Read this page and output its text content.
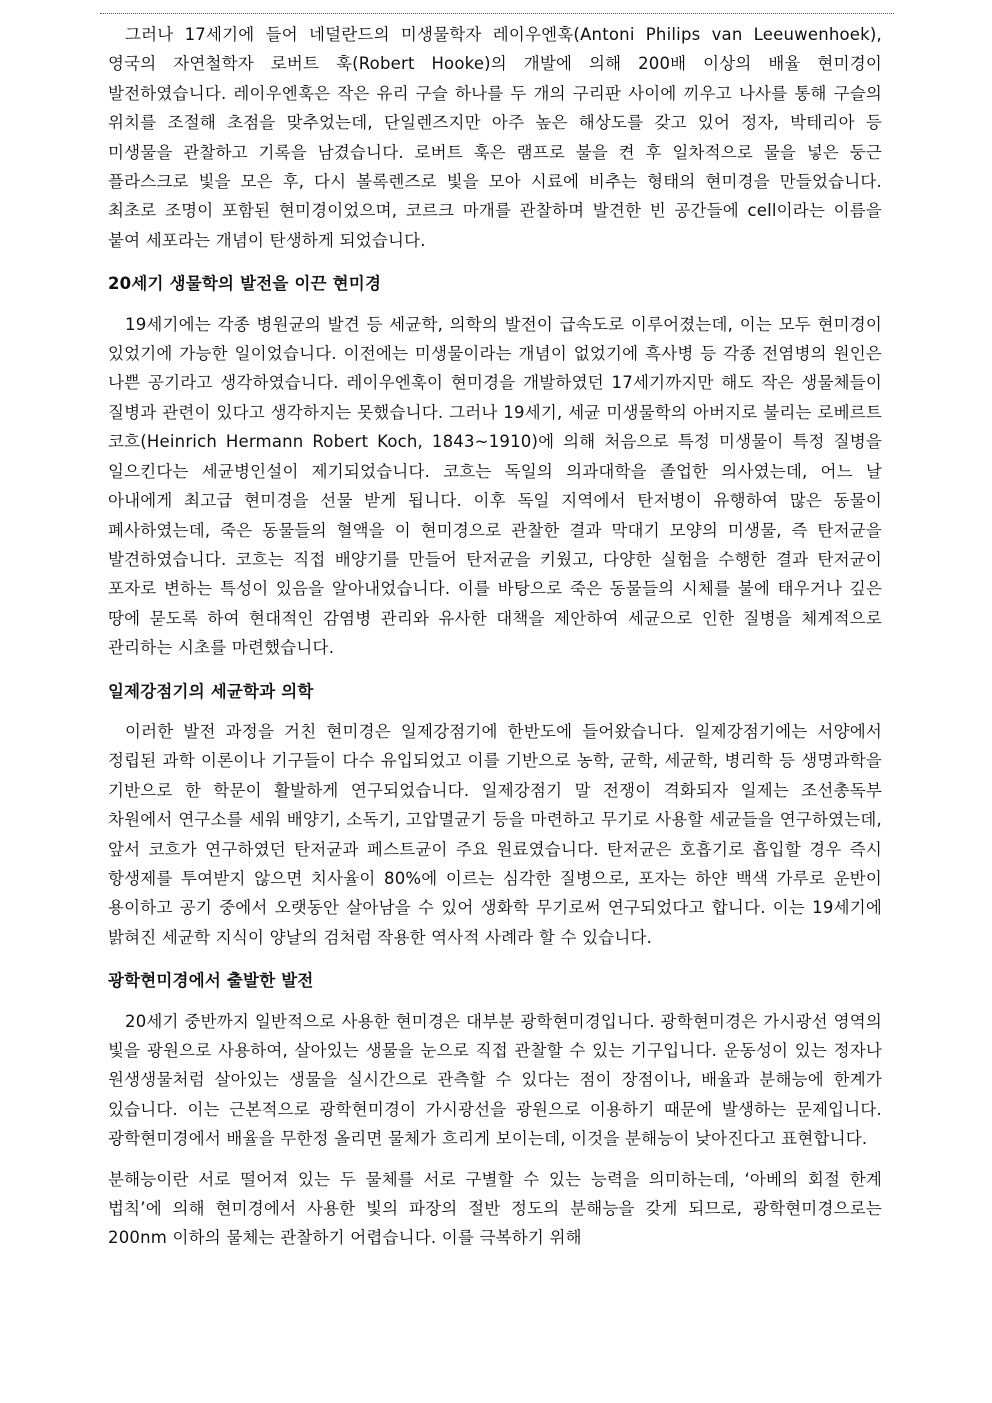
그러나 17세기에 들어 네덜란드의 미생물학자 레이우엔훅(Antoni Philips van Leeuwenhoek), 영국의 자연철학자 로버트 훅(Robert Hooke)의 개발에 의해 200배 이상의 배율 현미경이 발전하였습니다. 레이우엔훅은 작은 유리 구슬 하나를 두 개의 구리판 사이에 끼우고 나사를 통해 구슬의 위치를 조절해 초점을 맞추었는데, 단일렌즈지만 아주 높은 해상도를 갖고 있어 정자, 박테리아 등 미생물을 관찰하고 기록을 남겼습니다. 로버트 훅은 램프로 불을 켠 후 일차적으로 물을 넣은 둥근 플라스크로 빛을 모은 후, 다시 볼록렌즈로 빛을 모아 시료에 비추는 형태의 현미경을 만들었습니다. 최초로 조명이 포함된 현미경이었으며, 코르크 마개를 관찰하며 발견한 빈 공간들에 cell이라는 이름을 붙여 세포라는 개념이 탄생하게 되었습니다.

20세기 생물학의 발전을 이끈 현미경

19세기에는 각종 병원균의 발견 등 세균학, 의학의 발전이 급속도로 이루어졌는데, 이는 모두 현미경이 있었기에 가능한 일이었습니다. 이전에는 미생물이라는 개념이 없었기에 흑사병 등 각종 전염병의 원인은 나쁜 공기라고 생각하였습니다. 레이우엔훅이 현미경을 개발하였던 17세기까지만 해도 작은 생물체들이 질병과 관련이 있다고 생각하지는 못했습니다. 그러나 19세기, 세균 미생물학의 아버지로 불리는 로베르트 코흐(Heinrich Hermann Robert Koch, 1843~1910)에 의해 처음으로 특정 미생물이 특정 질병을 일으킨다는 세균병인설이 제기되었습니다. 코흐는 독일의 의과대학을 졸업한 의사였는데, 어느 날 아내에게 최고급 현미경을 선물 받게 됩니다. 이후 독일 지역에서 탄저병이 유행하여 많은 동물이 폐사하였는데, 죽은 동물들의 혈액을 이 현미경으로 관찰한 결과 막대기 모양의 미생물, 즉 탄저균을 발견하였습니다. 코흐는 직접 배양기를 만들어 탄저균을 키웠고, 다양한 실험을 수행한 결과 탄저균이 포자로 변하는 특성이 있음을 알아내었습니다. 이를 바탕으로 죽은 동물들의 시체를 불에 태우거나 깊은 땅에 묻도록 하여 현대적인 감염병 관리와 유사한 대책을 제안하여 세균으로 인한 질병을 체계적으로 관리하는 시초를 마련했습니다.

일제강점기의 세균학과 의학

이러한 발전 과정을 거친 현미경은 일제강점기에 한반도에 들어왔습니다. 일제강점기에는 서양에서 정립된 과학 이론이나 기구들이 다수 유입되었고 이를 기반으로 농학, 균학, 세균학, 병리학 등 생명과학을 기반으로 한 학문이 활발하게 연구되었습니다. 일제강점기 말 전쟁이 격화되자 일제는 조선총독부 차원에서 연구소를 세워 배양기, 소독기, 고압멸균기 등을 마련하고 무기로 사용할 세균들을 연구하였는데, 앞서 코흐가 연구하였던 탄저균과 페스트균이 주요 원료였습니다. 탄저균은 호흡기로 흡입할 경우 즉시 항생제를 투여받지 않으면 치사율이 80%에 이르는 심각한 질병으로, 포자는 하얀 백색 가루로 운반이 용이하고 공기 중에서 오랫동안 살아남을 수 있어 생화학 무기로써 연구되었다고 합니다. 이는 19세기에 밝혀진 세균학 지식이 양날의 검처럼 작용한 역사적 사례라 할 수 있습니다.

광학현미경에서 출발한 발전

20세기 중반까지 일반적으로 사용한 현미경은 대부분 광학현미경입니다. 광학현미경은 가시광선 영역의 빛을 광원으로 사용하여, 살아있는 생물을 눈으로 직접 관찰할 수 있는 기구입니다. 운동성이 있는 정자나 원생생물처럼 살아있는 생물을 실시간으로 관측할 수 있다는 점이 장점이나, 배율과 분해능에 한계가 있습니다. 이는 근본적으로 광학현미경이 가시광선을 광원으로 이용하기 때문에 발생하는 문제입니다. 광학현미경에서 배율을 무한정 올리면 물체가 흐리게 보이는데, 이것을 분해능이 낮아진다고 표현합니다.

분해능이란 서로 떨어져 있는 두 물체를 서로 구별할 수 있는 능력을 의미하는데, ‘아베의 회절 한계 법칙’에 의해 현미경에서 사용한 빛의 파장의 절반 정도의 분해능을 갖게 되므로, 광학현미경으로는 200nm 이하의 물체는 관찰하기 어렵습니다. 이를 극복하기 위해
